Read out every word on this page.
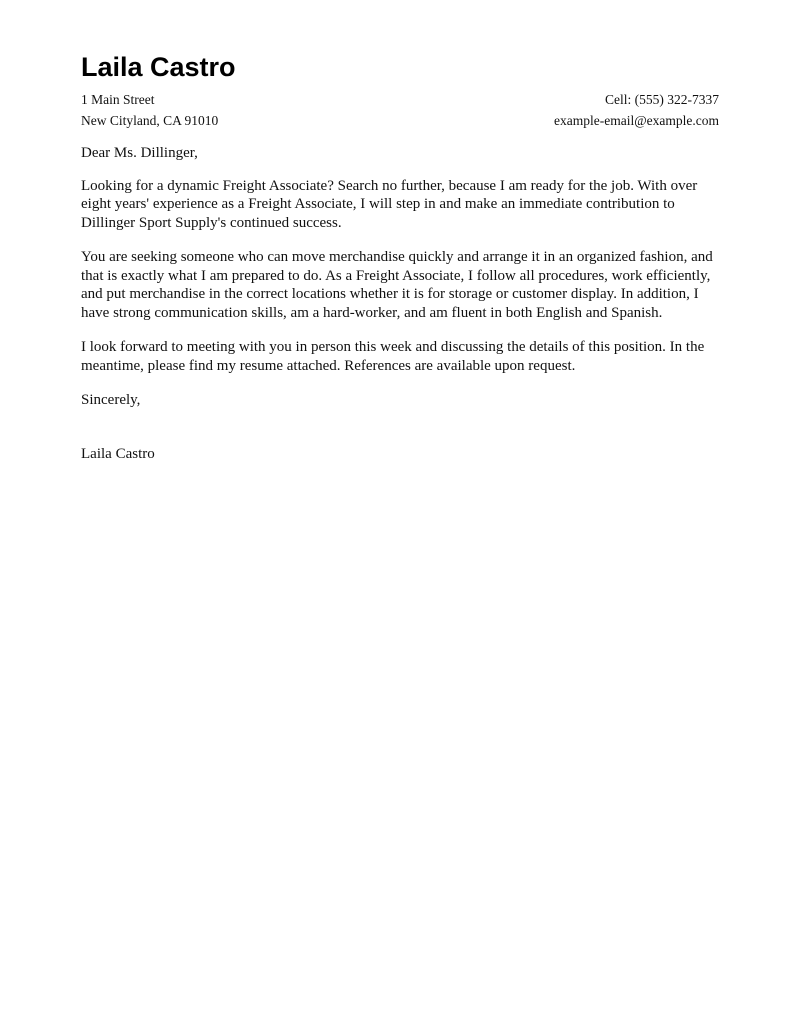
Laila Castro
1 Main Street	Cell: (555) 322-7337
New Cityland, CA 91010	example-email@example.com

Dear Ms. Dillinger,

Looking for a dynamic Freight Associate? Search no further, because I am ready for the job. With over eight years' experience as a Freight Associate, I will step in and make an immediate contribution to Dillinger Sport Supply's continued success.

You are seeking someone who can move merchandise quickly and arrange it in an organized fashion, and that is exactly what I am prepared to do. As a Freight Associate, I follow all procedures, work efficiently, and put merchandise in the correct locations whether it is for storage or customer display. In addition, I have strong communication skills, am a hard-worker, and am fluent in both English and Spanish.

I look forward to meeting with you in person this week and discussing the details of this position. In the meantime, please find my resume attached. References are available upon request.

Sincerely,

Laila Castro
